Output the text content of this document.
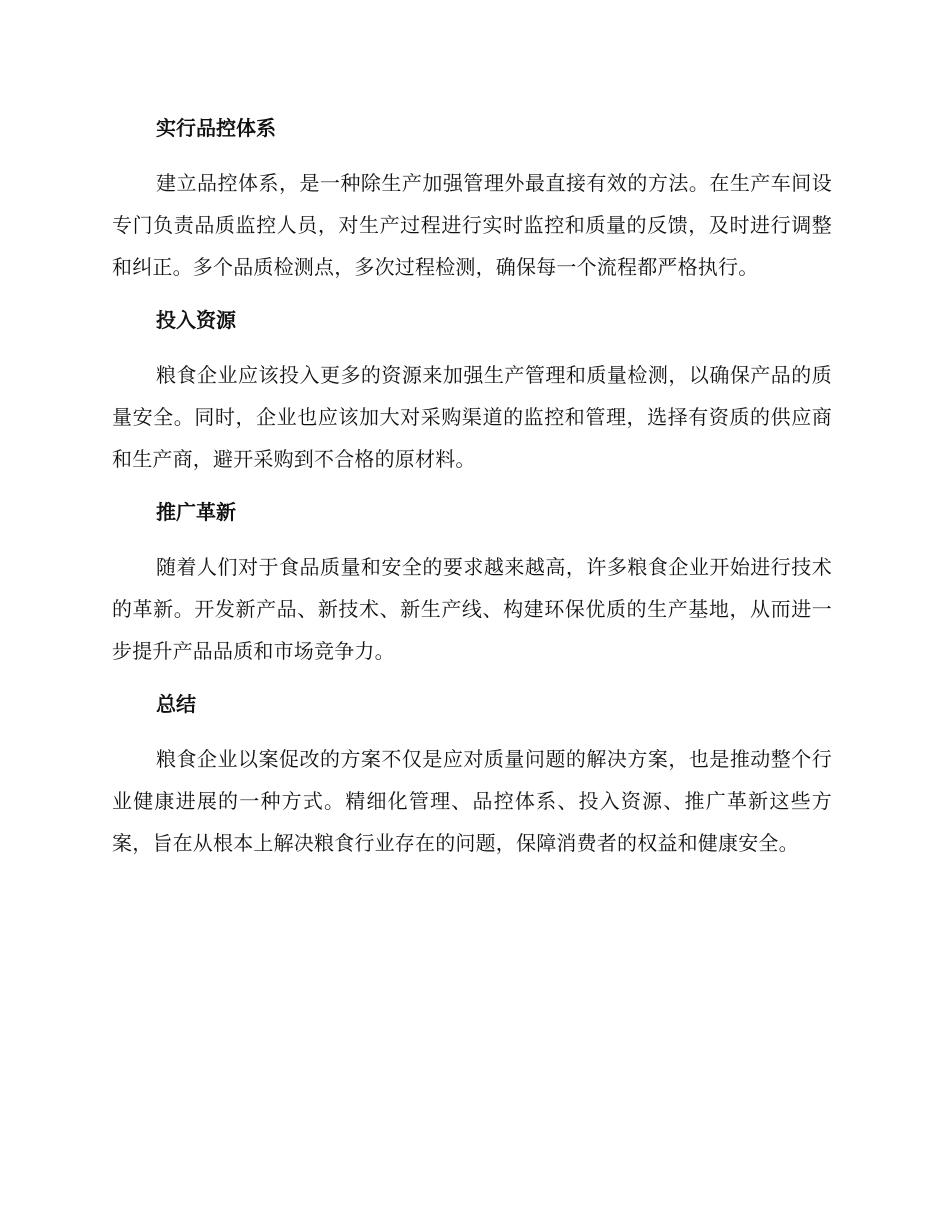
实行品控体系

建立品控体系，是一种除生产加强管理外最直接有效的方法。在生产车间设专门负责品质监控人员，对生产过程进行实时监控和质量的反馈，及时进行调整和纠正。多个品质检测点，多次过程检测，确保每一个流程都严格执行。

投入资源

粮食企业应该投入更多的资源来加强生产管理和质量检测，以确保产品的质量安全。同时，企业也应该加大对采购渠道的监控和管理，选择有资质的供应商和生产商，避开采购到不合格的原材料。

推广革新

随着人们对于食品质量和安全的要求越来越高，许多粮食企业开始进行技术的革新。开发新产品、新技术、新生产线、构建环保优质的生产基地，从而进一步提升产品品质和市场竞争力。

总结

粮食企业以案促改的方案不仅是应对质量问题的解决方案，也是推动整个行业健康进展的一种方式。精细化管理、品控体系、投入资源、推广革新这些方案，旨在从根本上解决粮食行业存在的问题，保障消费者的权益和健康安全。
